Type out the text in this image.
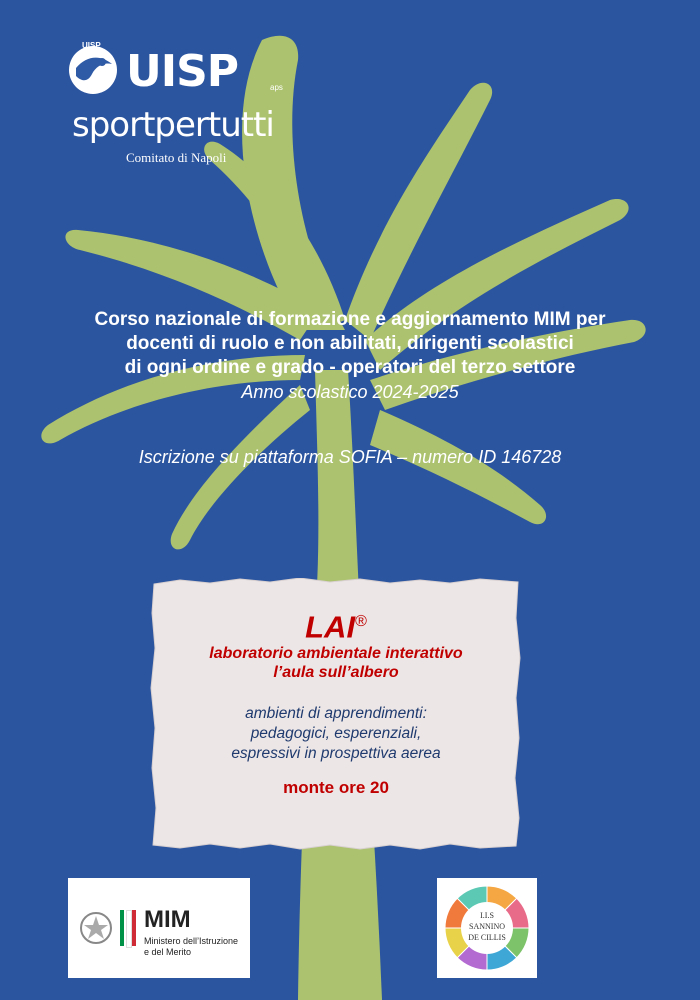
UISP
UISP	aps
sportpertutti
Comitato di Napoli
Corso nazionale di formazione e aggiornamento MIM per
docenti di ruolo e non abilitati, dirigenti scolastici
di ogni ordine e grado - operatori del terzo settore
Anno scolastico 2024-2025
Iscrizione su piattaforma SOFIA – numero ID 146728
LAI®
laboratorio ambientale interattivo
l’aula sull’albero
ambienti di apprendimenti:
pedagogici, esperenziali,
espressivi in prospettiva aerea
monte ore 20
MIM
Ministero dell’Istruzione
e del Merito
I.I.S
SANNINO
DE CILLIS
